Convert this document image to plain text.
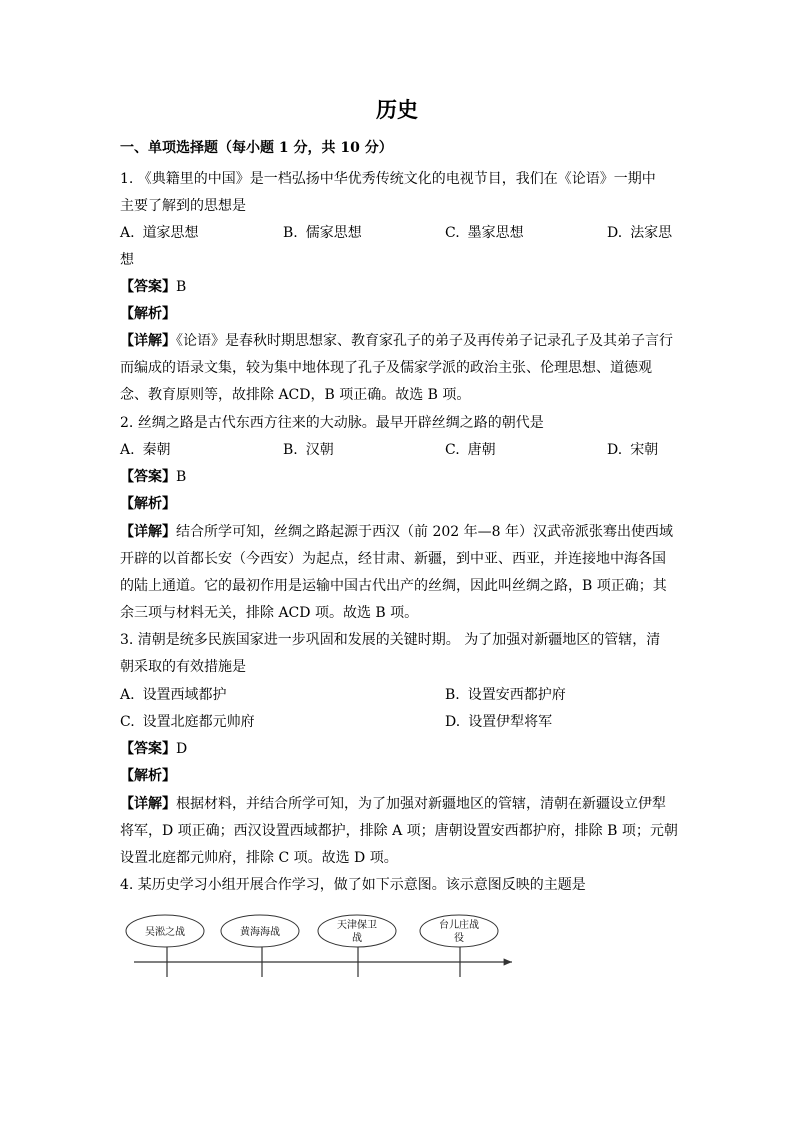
历史
一、单项选择题（每小题 1 分，共 10 分）
1. 《典籍里的中国》是一档弘扬中华优秀传统文化的电视节目，我们在《论语》一期中
主要了解到的思想是
A. 道家思想	B. 儒家思想	C. 墨家思想	D. 法家思
想
【答案】B
【解析】
【详解】《论语》是春秋时期思想家、教育家孔子的弟子及再传弟子记录孔子及其弟子言行
而编成的语录文集，较为集中地体现了孔子及儒家学派的政治主张、伦理思想、道德观
念、教育原则等，故排除 ACD，B 项正确。故选 B 项。
2. 丝绸之路是古代东西方往来的大动脉。最早开辟丝绸之路的朝代是
A. 秦朝	B. 汉朝	C. 唐朝	D. 宋朝
【答案】B
【解析】
【详解】结合所学可知，丝绸之路起源于西汉（前 202 年—8 年）汉武帝派张骞出使西域
开辟的以首都长安（今西安）为起点，经甘肃、新疆，到中亚、西亚，并连接地中海各国
的陆上通道。它的最初作用是运输中国古代出产的丝绸，因此叫丝绸之路，B 项正确；其
余三项与材料无关，排除 ACD 项。故选 B 项。
3. 清朝是统多民族国家进一步巩固和发展的关键时期。 为了加强对新疆地区的管辖，清
朝采取的有效措施是
A. 设置西域都护	B. 设置安西都护府
C. 设置北庭都元帅府	D. 设置伊犁将军
【答案】D
【解析】
【详解】根据材料，并结合所学可知，为了加强对新疆地区的管辖，清朝在新疆设立伊犁
将军，D 项正确；西汉设置西域都护，排除 A 项；唐朝设置安西都护府，排除 B 项；元朝
设置北庭都元帅府，排除 C 项。故选 D 项。
4. 某历史学习小组开展合作学习，做了如下示意图。该示意图反映的主题是
吴淞之战	黄海海战
天津保卫
战
台儿庄战
役
